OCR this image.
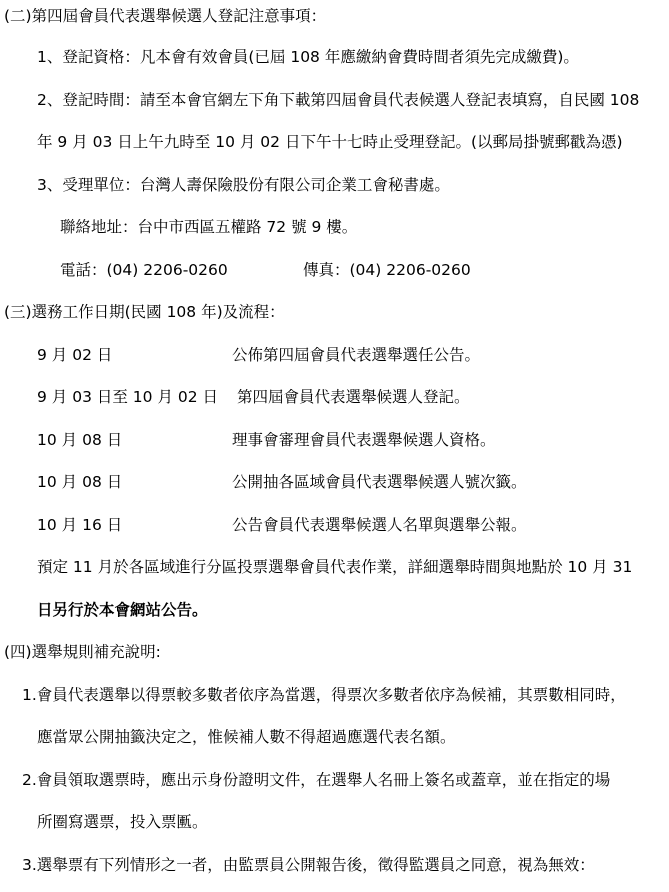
(二)第四屆會員代表選舉候選人登記注意事項：
1、登記資格：凡本會有效會員(已屆 108 年應繳納會費時間者須先完成繳費)。
2、登記時間：請至本會官網左下角下載第四屆會員代表候選人登記表填寫，自民國 108
年 9 月 03 日上午九時至 10 月 02 日下午十七時止受理登記。(以郵局掛號郵戳為憑)
3、受理單位：台灣人壽保險股份有限公司企業工會秘書處。
聯絡地址：台中市西區五權路 72 號 9 樓。
電話：(04) 2206-0260	傳真：(04) 2206-0260
(三)選務工作日期(民國 108 年)及流程：
9 月 02 日	公佈第四屆會員代表選舉選任公告。
9 月 03 日至 10 月 02 日 第四屆會員代表選舉候選人登記。
10 月 08 日	理事會審理會員代表選舉候選人資格。
10 月 08 日	公開抽各區域會員代表選舉候選人號次籤。
10 月 16 日	公告會員代表選舉候選人名單與選舉公報。
預定 11 月於各區域進行分區投票選舉會員代表作業，詳細選舉時間與地點於 10 月 31
日另行於本會網站公告。
(四)選舉規則補充說明:
1.會員代表選舉以得票較多數者依序為當選，得票次多數者依序為候補，其票數相同時，
應當眾公開抽籤決定之，惟候補人數不得超過應選代表名額。
2.會員領取選票時，應出示身份證明文件，在選舉人名冊上簽名或蓋章，並在指定的場
所圈寫選票，投入票匭。
3.選舉票有下列情形之一者，由監票員公開報告後，徵得監選員之同意，視為無效：
